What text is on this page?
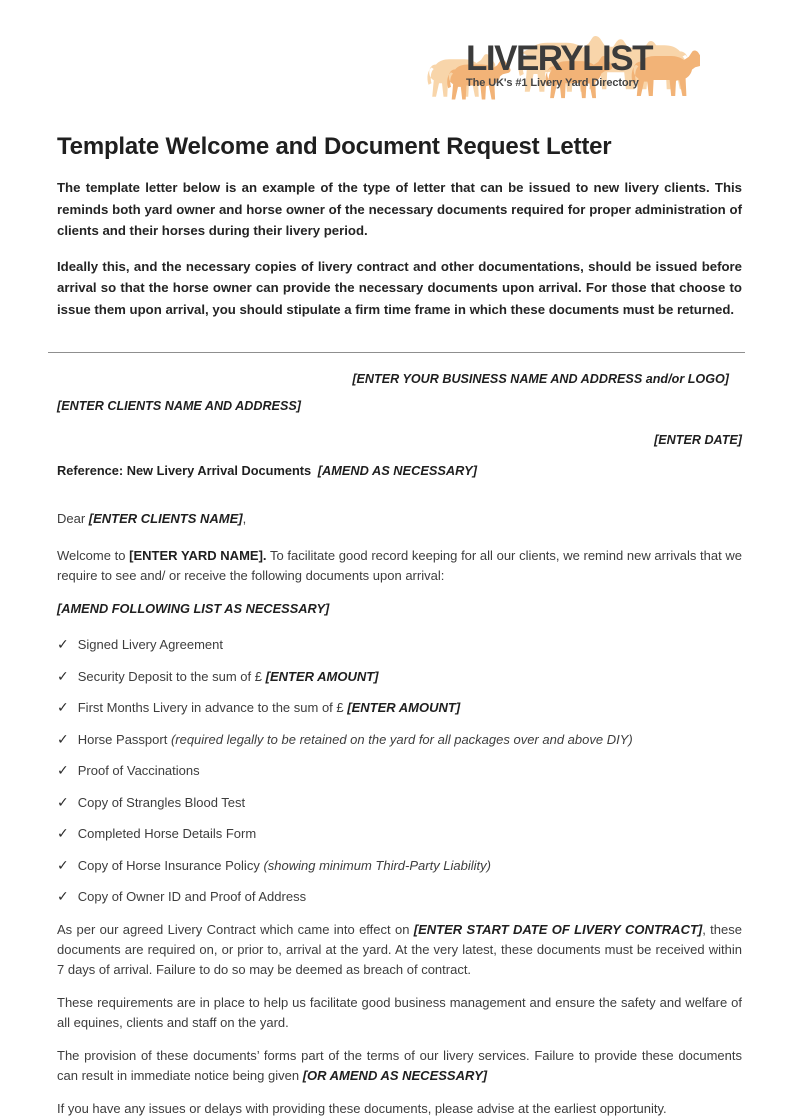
LIVERYLIST
The UK's #1 Livery Yard Directory
Template Welcome and Document Request Letter

The template letter below is an example of the type of letter that can be issued to new livery clients. This reminds both yard owner and horse owner of the necessary documents required for proper administration of clients and their horses during their livery period.

Ideally this, and the necessary copies of livery contract and other documentations, should be issued before arrival so that the horse owner can provide the necessary documents upon arrival. For those that choose to issue them upon arrival, you should stipulate a firm time frame in which these documents must be returned.

[ENTER YOUR BUSINESS NAME AND ADDRESS and/or LOGO]
[ENTER CLIENTS NAME AND ADDRESS]
[ENTER DATE]
Reference: New Livery Arrival Documents [AMEND AS NECESSARY]

Dear [ENTER CLIENTS NAME],

Welcome to [ENTER YARD NAME]. To facilitate good record keeping for all our clients, we remind new arrivals that we require to see and/ or receive the following documents upon arrival:

[AMEND FOLLOWING LIST AS NECESSARY]
✓ Signed Livery Agreement
✓ Security Deposit to the sum of £ [ENTER AMOUNT]
✓ First Months Livery in advance to the sum of £ [ENTER AMOUNT]
✓ Horse Passport (required legally to be retained on the yard for all packages over and above DIY)
✓ Proof of Vaccinations
✓ Copy of Strangles Blood Test
✓ Completed Horse Details Form
✓ Copy of Horse Insurance Policy (showing minimum Third-Party Liability)
✓ Copy of Owner ID and Proof of Address

As per our agreed Livery Contract which came into effect on [ENTER START DATE OF LIVERY CONTRACT], these documents are required on, or prior to, arrival at the yard. At the very latest, these documents must be received within 7 days of arrival. Failure to do so may be deemed as breach of contract.

These requirements are in place to help us facilitate good business management and ensure the safety and welfare of all equines, clients and staff on the yard.

The provision of these documents’ forms part of the terms of our livery services. Failure to provide these documents can result in immediate notice being given [OR AMEND AS NECESSARY]

If you have any issues or delays with providing these documents, please advise at the earliest opportunity.
